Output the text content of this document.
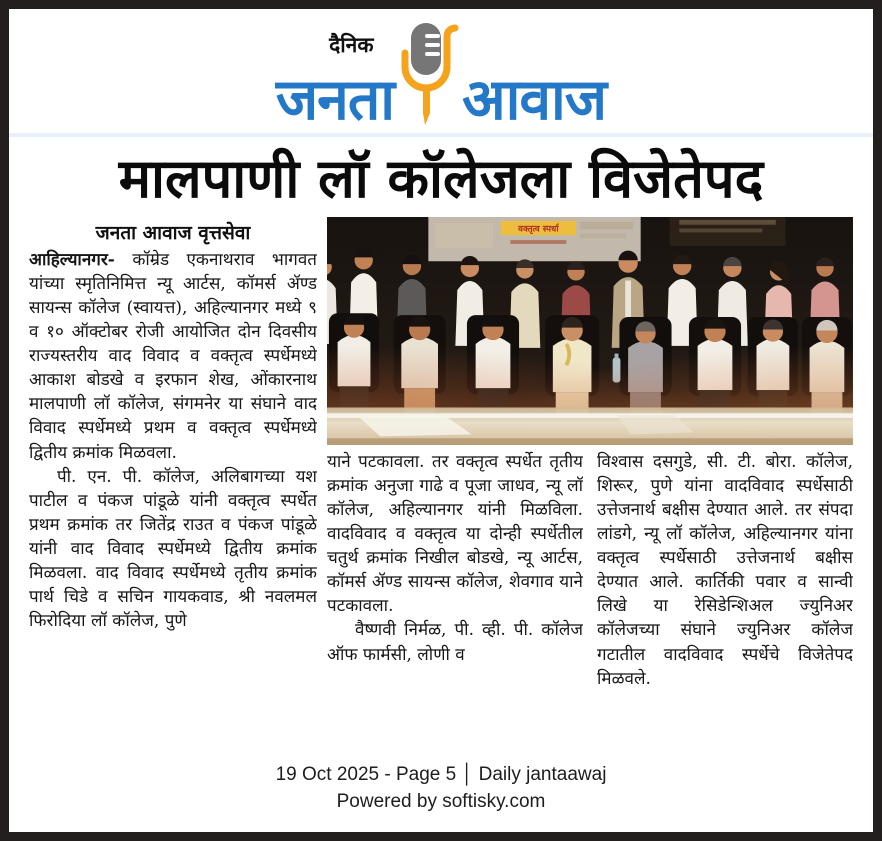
जनता
दैनिक
आवाज
मालपाणी लॉ कॉलेजला विजेतेपद
जनता आवाज वृत्तसेवा

आहिल्यानगर- कॉम्रेड एकनाथराव भागवत यांच्या स्मृतिनिमित्त न्यू आर्टस, कॉमर्स ॲण्ड सायन्स कॉलेज (स्वायत्त), अहिल्यानगर मध्ये ९ व १० ऑक्टोबर रोजी आयोजित दोन दिवसीय राज्यस्तरीय वाद विवाद व वक्तृत्व स्पर्धेमध्ये आकाश बोडखे व इरफान शेख, ओंकारनाथ मालपाणी लॉ कॉलेज, संगमनेर या संघाने वाद विवाद स्पर्धेमध्ये प्रथम व वक्तृत्व स्पर्धेमध्ये द्वितीय क्रमांक मिळवला.

पी. एन. पी. कॉलेज, अलिबागच्या यश पाटील व पंकज पांडूळे यांनी वक्तृत्व स्पर्धेत प्रथम क्रमांक तर जितेंद्र राउत व पंकज पांडूळे यांनी वाद विवाद स्पर्धेमध्ये द्वितीय क्रमांक मिळवला. वाद विवाद स्पर्धेमध्ये तृतीय क्रमांक पार्थ चिडे व सचिन गायकवाड, श्री नवलमल फिरोदिया लॉ कॉलेज, पुणे

वक्तृत्व स्पर्धा

याने पटकावला. तर वक्तृत्व स्पर्धेत तृतीय क्रमांक अनुजा गाढे व पूजा जाधव, न्यू लॉ कॉलेज, अहिल्यानगर यांनी मिळविला. वादविवाद व वक्तृत्व या दोन्ही स्पर्धेतील चतुर्थ क्रमांक निखील बोडखे, न्यू आर्टस, कॉमर्स ॲण्ड सायन्स कॉलेज, शेवगाव याने पटकावला.

वैष्णवी निर्मळ, पी. व्ही. पी. कॉलेज ऑफ फार्मसी, लोणी व

विश्वास दसगुडे, सी. टी. बोरा. कॉलेज, शिरूर, पुणे यांना वादविवाद स्पर्धेसाठी उत्तेजनार्थ बक्षीस देण्यात आले. तर संपदा लांडगे, न्यू लॉ कॉलेज, अहिल्यानगर यांना वक्तृत्व स्पर्धेसाठी उत्तेजनार्थ बक्षीस देण्यात आले. कार्तिकी पवार व सान्वी लिखे या रेसिडेन्शिअल ज्युनिअर कॉलेजच्या संघाने ज्युनिअर कॉलेज गटातील वादविवाद स्पर्धेचे विजेतेपद मिळवले.

19 Oct 2025 - Page 5 │ Daily jantaawaj
Powered by softisky.com
